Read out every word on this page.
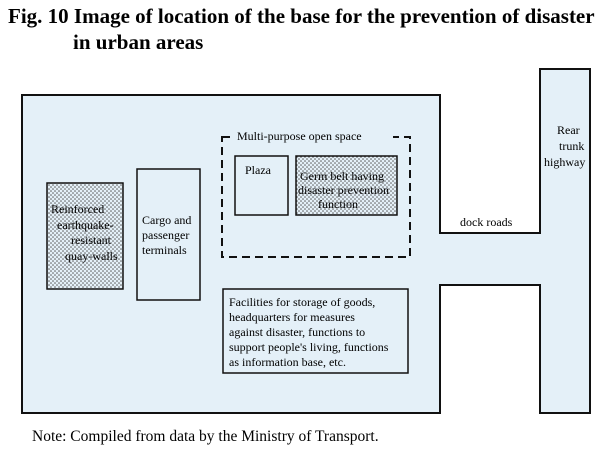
Fig. 10 Image of location of the base for the prevention of disaster
in urban areas
Reinforced
earthquake-
resistant
quay-walls
Cargo and
passenger
terminals
Multi-purpose open space
Plaza Germ belt having
disaster prevention
function
Facilities for storage of goods,
headquarters for measures
against disaster, functions to
support people's living, functions
as information base, etc.
dock roads
Rear
trunk
highway
Note: Compiled from data by the Ministry of Transport.
